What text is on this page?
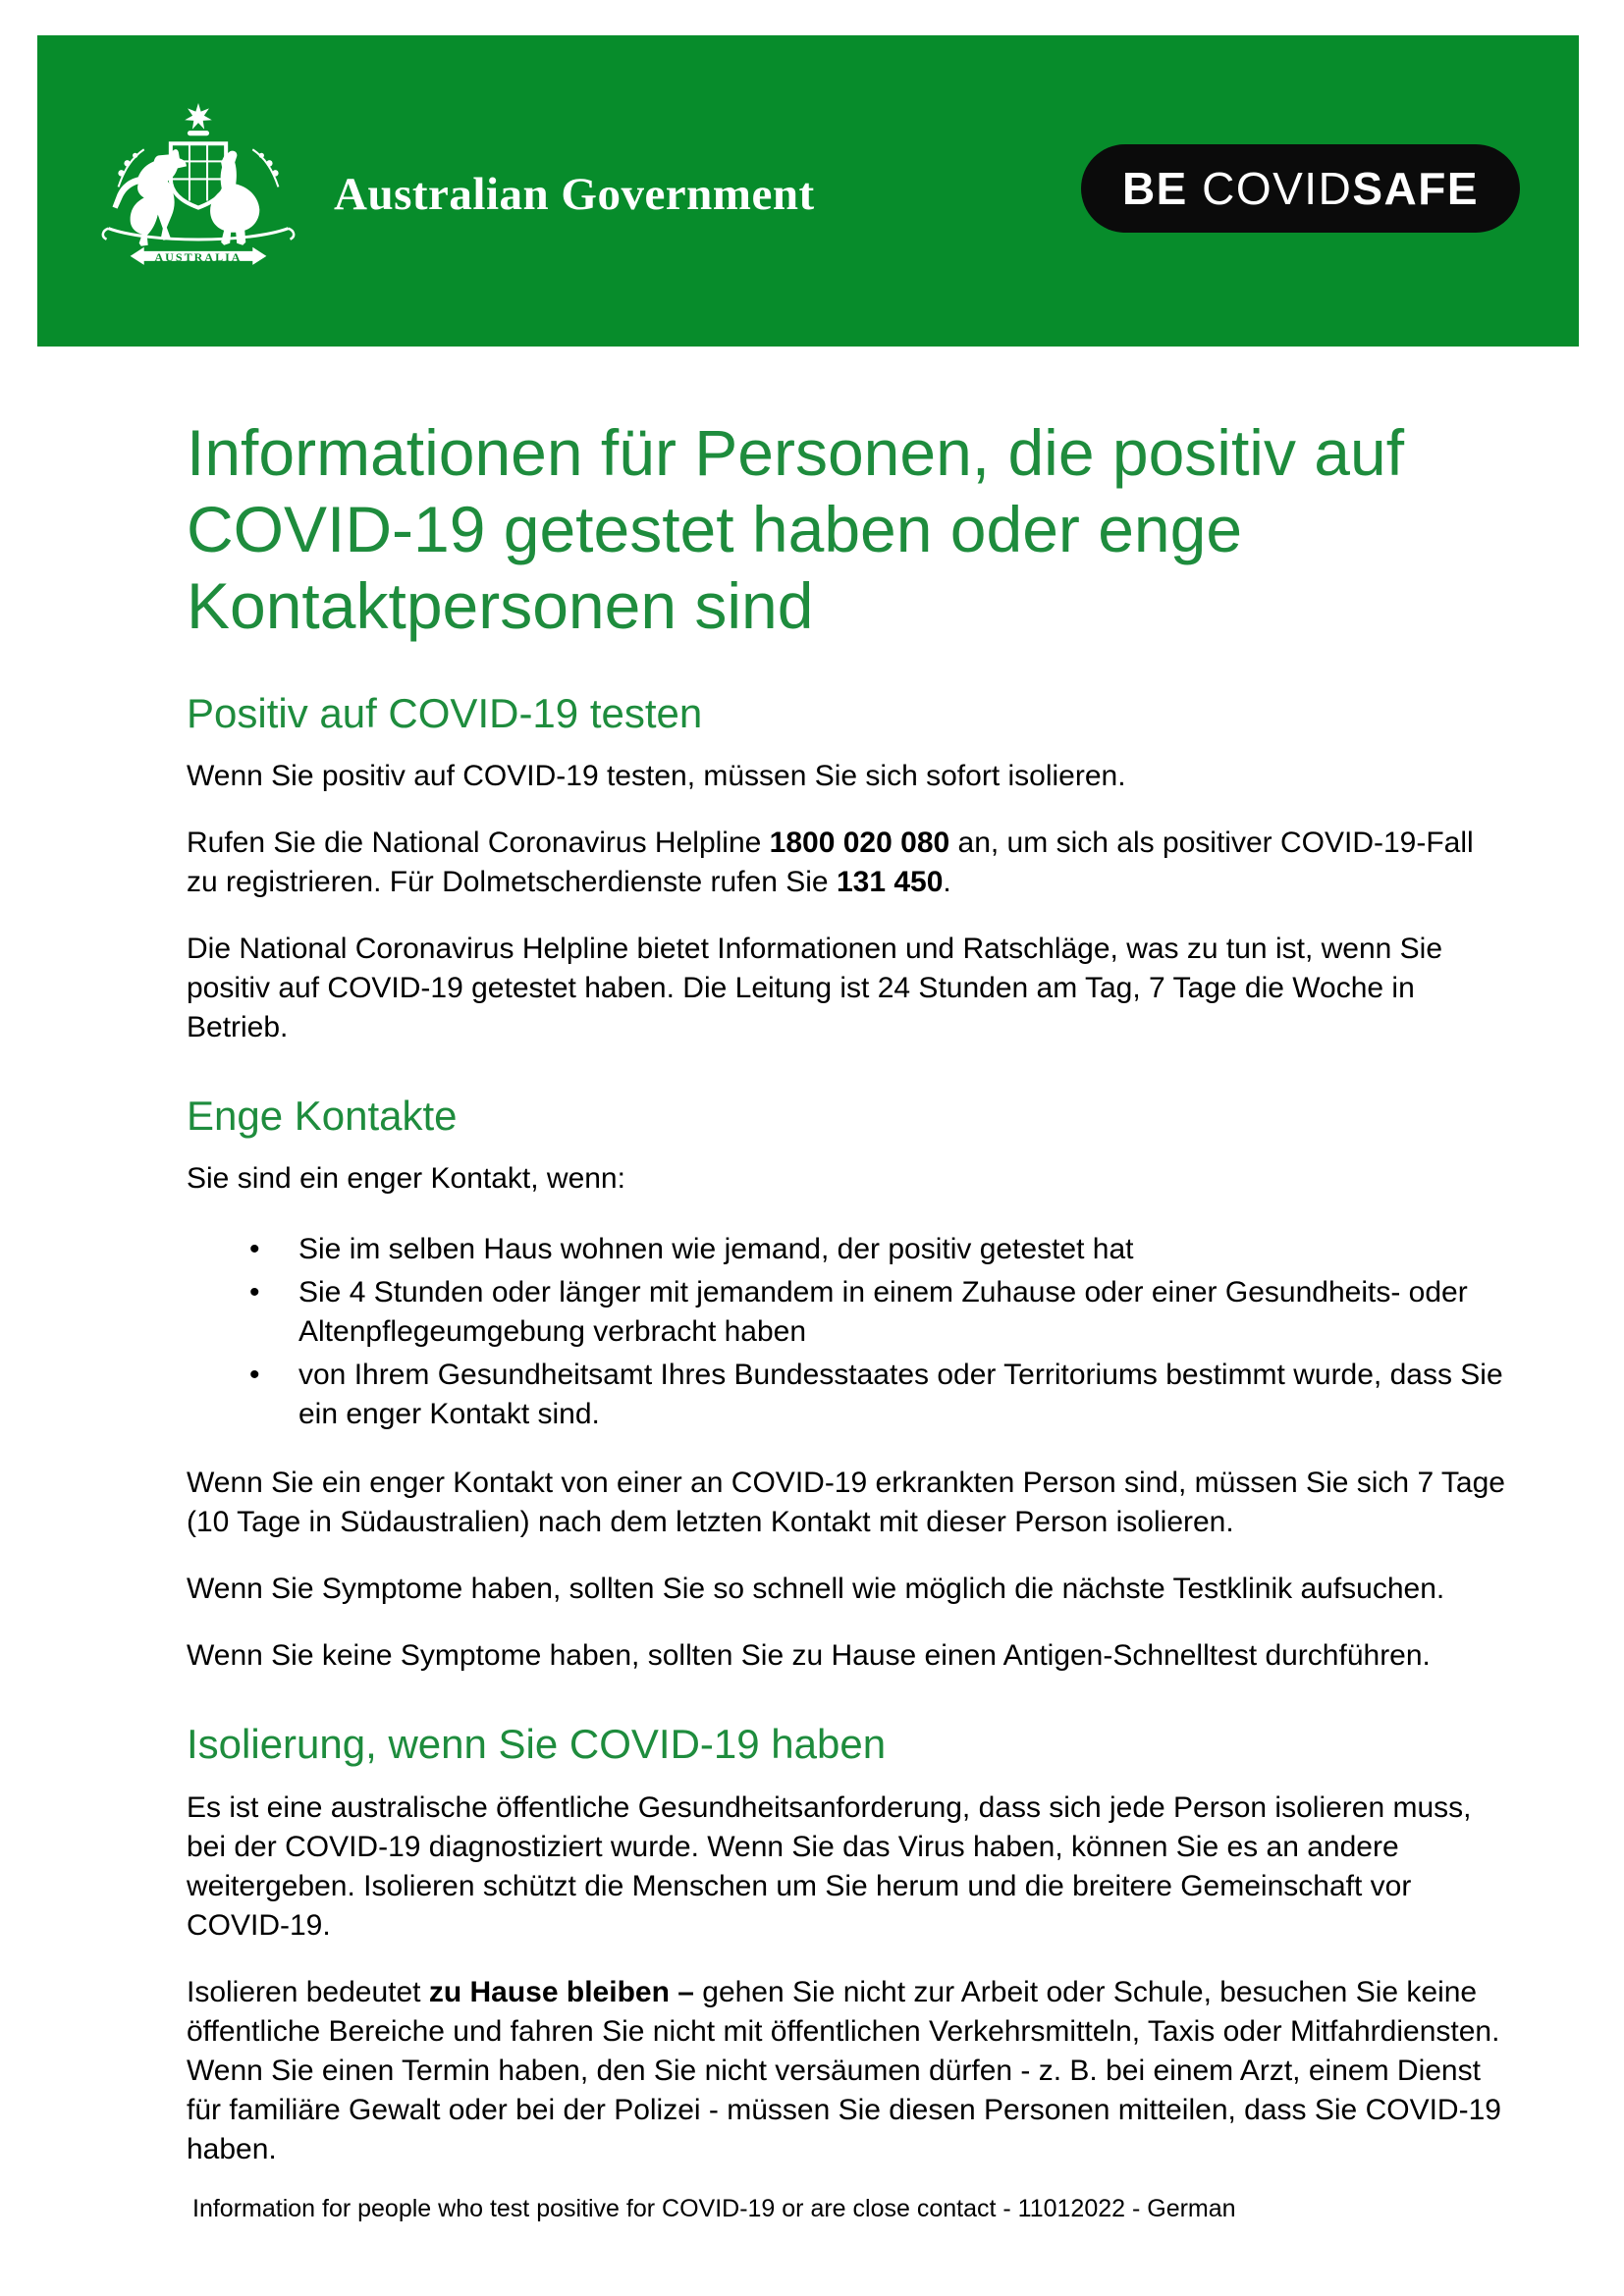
AUSTRALIA
Australian Government	BE COVID SAFE
Informationen für Personen, die positiv auf COVID-19 getestet haben oder enge Kontaktpersonen sind
Positiv auf COVID-19 testen

Wenn Sie positiv auf COVID-19 testen, müssen Sie sich sofort isolieren.

Rufen Sie die National Coronavirus Helpline 1800 020 080 an, um sich als positiver COVID-19-Fall zu registrieren. Für Dolmetscherdienste rufen Sie 131 450.

Die National Coronavirus Helpline bietet Informationen und Ratschläge, was zu tun ist, wenn Sie positiv auf COVID-19 getestet haben. Die Leitung ist 24 Stunden am Tag, 7 Tage die Woche in Betrieb.

Enge Kontakte

Sie sind ein enger Kontakt, wenn:

• Sie im selben Haus wohnen wie jemand, der positiv getestet hat
• Sie 4 Stunden oder länger mit jemandem in einem Zuhause oder einer Gesundheits- oder Altenpflegeumgebung verbracht haben
• von Ihrem Gesundheitsamt Ihres Bundesstaates oder Territoriums bestimmt wurde, dass Sie ein enger Kontakt sind.

Wenn Sie ein enger Kontakt von einer an COVID-19 erkrankten Person sind, müssen Sie sich 7 Tage (10 Tage in Südaustralien) nach dem letzten Kontakt mit dieser Person isolieren.

Wenn Sie Symptome haben, sollten Sie so schnell wie möglich die nächste Testklinik aufsuchen.

Wenn Sie keine Symptome haben, sollten Sie zu Hause einen Antigen-Schnelltest durchführen.

Isolierung, wenn Sie COVID-19 haben

Es ist eine australische öffentliche Gesundheitsanforderung, dass sich jede Person isolieren muss, bei der COVID-19 diagnostiziert wurde. Wenn Sie das Virus haben, können Sie es an andere weitergeben. Isolieren schützt die Menschen um Sie herum und die breitere Gemeinschaft vor COVID-19.

Isolieren bedeutet zu Hause bleiben – gehen Sie nicht zur Arbeit oder Schule, besuchen Sie keine öffentliche Bereiche und fahren Sie nicht mit öffentlichen Verkehrsmitteln, Taxis oder Mitfahrdiensten. Wenn Sie einen Termin haben, den Sie nicht versäumen dürfen - z. B. bei einem Arzt, einem Dienst für familiäre Gewalt oder bei der Polizei - müssen Sie diesen Personen mitteilen, dass Sie COVID-19 haben.

Information for people who test positive for COVID-19 or are close contact - 11012022 - German
